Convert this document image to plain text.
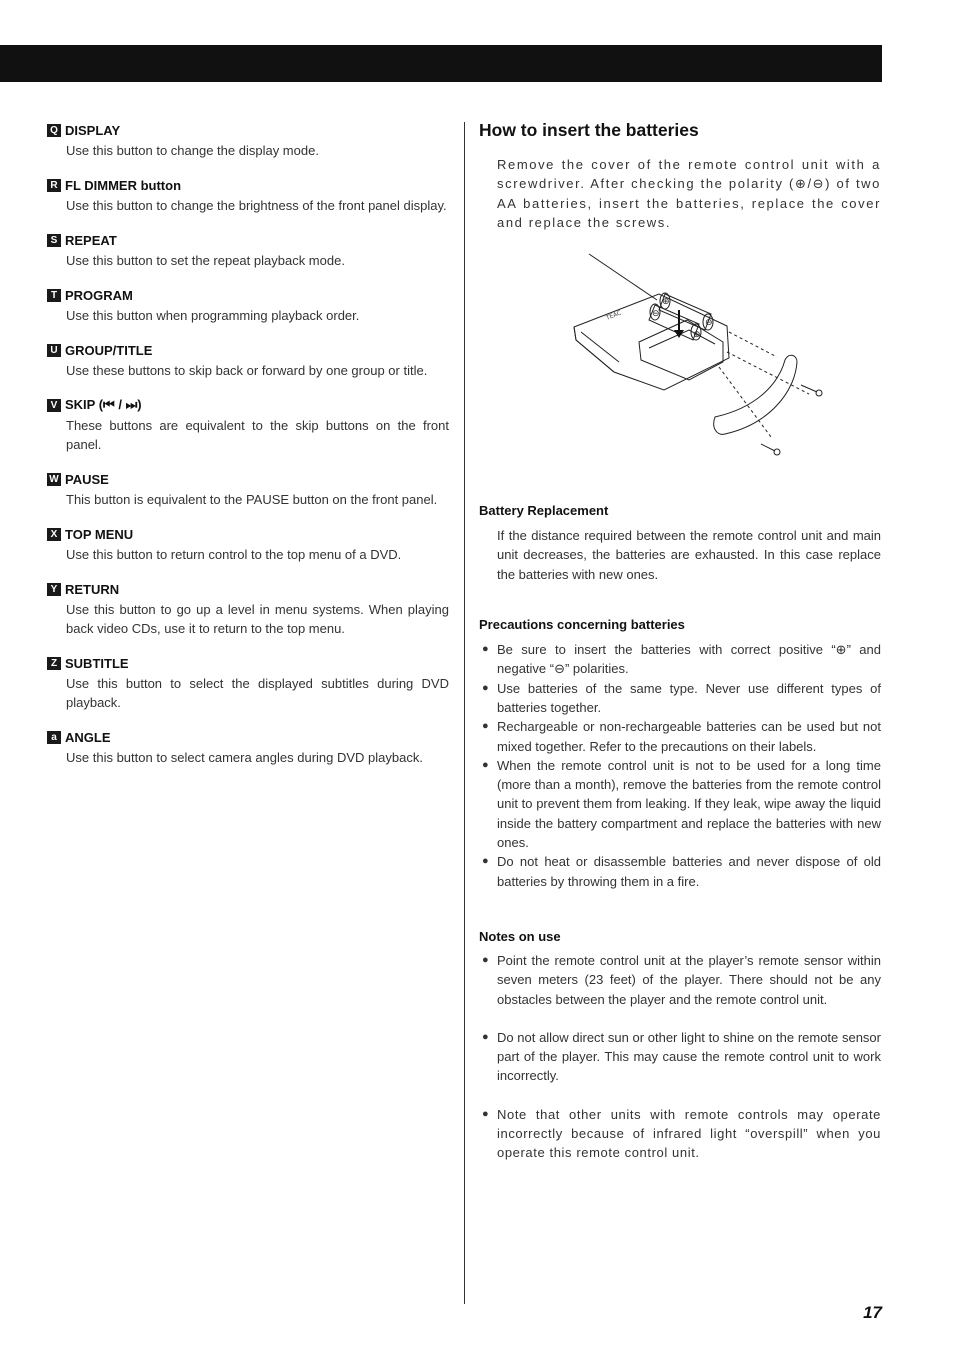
Q DISPLAY

Use this button to change the display mode.

R FL DIMMER button

Use this button to change the brightness of the front panel display.

S REPEAT

Use this button to set the repeat playback mode.

T PROGRAM

Use this button when programming playback order.

U GROUP/TITLE

Use these buttons to skip back or forward by one group or title.

V SKIP (⏮ / ⏭)

These buttons are equivalent to the skip buttons on the front panel.

W PAUSE

This button is equivalent to the PAUSE button on the front panel.

X TOP MENU

Use this button to return control to the top menu of a DVD.

Y RETURN

Use this button to go up a level in menu systems. When playing back video CDs, use it to return to the top menu.

Z SUBTITLE

Use this button to select the displayed subtitles during DVD playback.

a ANGLE

Use this button to select camera angles during DVD playback.

How to insert the batteries

Remove the cover of the remote control unit with a screwdriver. After checking the polarity (⊕/⊖) of two AA batteries, insert the batteries, replace the cover and replace the screws.

⊕
⊖
⊖
⊕
TEAC
Battery Replacement

If the distance required between the remote control unit and main unit decreases, the batteries are exhausted. In this case replace the batteries with new ones.

Precautions concerning batteries
● Be sure to insert the batteries with correct positive “⊕” and negative “⊖” polarities.
● Use batteries of the same type. Never use different types of batteries together.
● Rechargeable or non-rechargeable batteries can be used but not mixed together. Refer to the precautions on their labels.
● When the remote control unit is not to be used for a long time (more than a month), remove the batteries from the remote control unit to prevent them from leaking. If they leak, wipe away the liquid inside the battery compartment and replace the batteries with new ones.
● Do not heat or disassemble batteries and never dispose of old batteries by throwing them in a fire.
Notes on use
● Point the remote control unit at the player’s remote sensor within seven meters (23 feet) of the player. There should not be any obstacles between the player and the remote control unit.
● Do not allow direct sun or other light to shine on the remote sensor part of the player. This may cause the remote control unit to work incorrectly.
● Note that other units with remote controls may operate incorrectly because of infrared light “overspill” when you operate this remote control unit.
17
